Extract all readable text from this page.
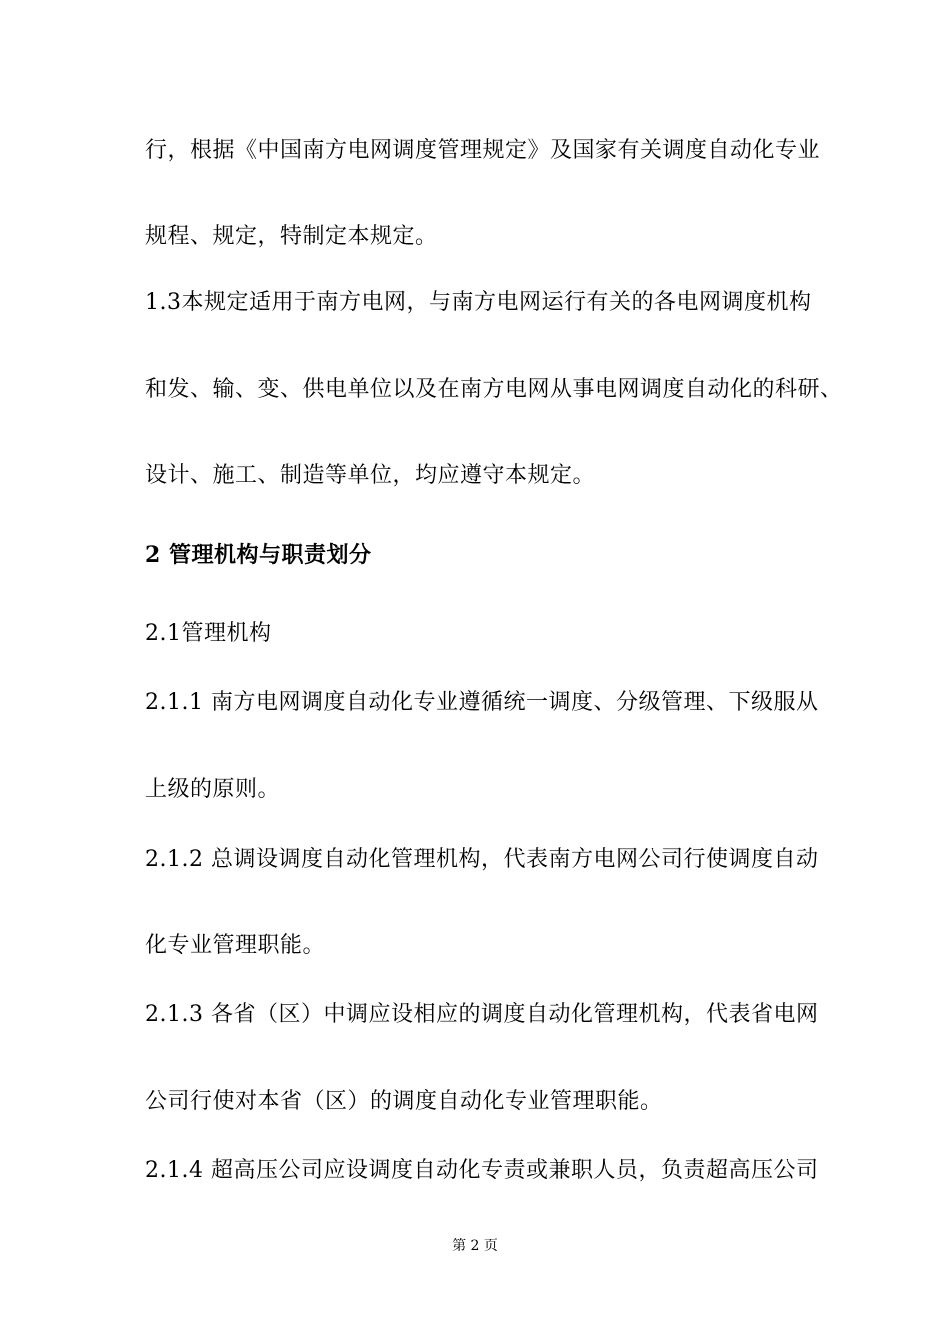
行，根据《中国南方电网调度管理规定》及国家有关调度自动化专业
规程、规定，特制定本规定。
1.3本规定适用于南方电网，与南方电网运行有关的各电网调度机构
和发、输、变、供电单位以及在南方电网从事电网调度自动化的科研、
设计、施工、制造等单位，均应遵守本规定。
2 管理机构与职责划分
2.1管理机构
2.1.1 南方电网调度自动化专业遵循统一调度、分级管理、下级服从
上级的原则。
2.1.2 总调设调度自动化管理机构，代表南方电网公司行使调度自动
化专业管理职能。
2.1.3 各省（区）中调应设相应的调度自动化管理机构，代表省电网
公司行使对本省（区）的调度自动化专业管理职能。
2.1.4 超高压公司应设调度自动化专责或兼职人员，负责超高压公司
第 2 页
